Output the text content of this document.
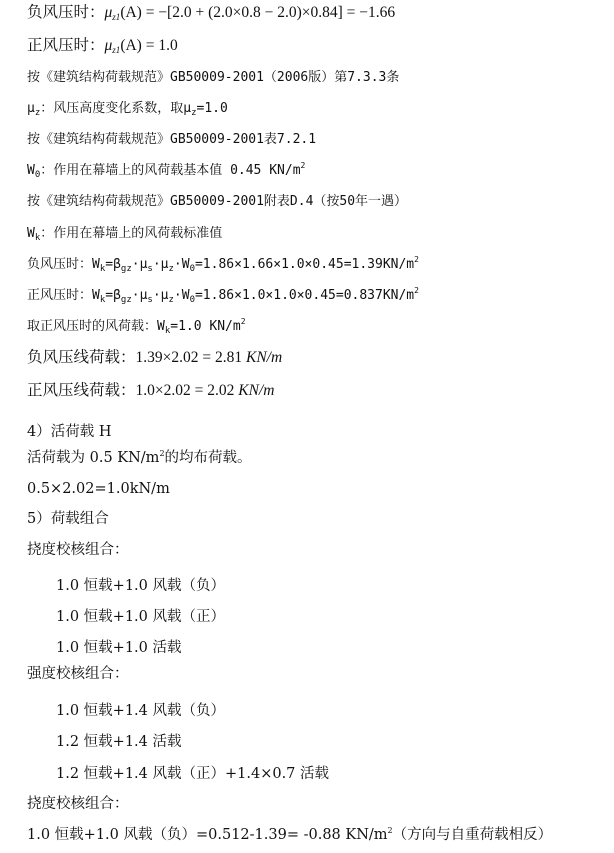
负风压时：$\mu_{z1}(A) = -[2.0 + (2.0\times 0.8 - 2.0)\times 0.84] = -1.66$
正风压时：$\mu_{z1}(A) = 1.0$
按《建筑结构荷载规范》GB50009-2001（2006版）第7.3.3条
$\mu_z$：风压高度变化系数，取$\mu_z=1.0$
按《建筑结构荷载规范》GB50009-2001表7.2.1
$W_0$：作用在幕墙上的风荷载基本值 0.45 $KN/m^2$
按《建筑结构荷载规范》GB50009-2001附表D.4（按50年一遇）
$W_k$：作用在幕墙上的风荷载标准值
负风压时：$W_k=\beta_{gz}\cdot\mu_s\cdot\mu_z\cdot W_0=1.86\times 1.66\times 1.0\times 0.45=1.39KN/m^2$
正风压时：$W_k=\beta_{gz}\cdot\mu_s\cdot\mu_z\cdot W_0=1.86\times 1.0\times 1.0\times 0.45=0.837KN/m^2$
取正风压时的风荷载：$W_k=1.0$ $KN/m^2$
负风压线荷载：1.39×2.02 = 2.81 KN/m
正风压线荷载：1.0×2.02 = 2.02 KN/m
4）活荷载 H
活荷载为 0.5 $KN/m^2$的均布荷载。
0.5×2.02=1.0kN/m
5）荷载组合
挠度校核组合：
1.0 恒载+1.0 风载（负）
1.0 恒载+1.0 风载（正）
1.0 恒载+1.0 活载
强度校核组合：
1.0 恒载+1.4 风载（负）
1.2 恒载+1.4 活载
1.2 恒载+1.4 风载（正）+1.4×0.7 活载
挠度校核组合：
1.0 恒载+1.0 风载（负）=0.512-1.39= -0.88 $KN/m^2$（方向与自重荷载相反）
